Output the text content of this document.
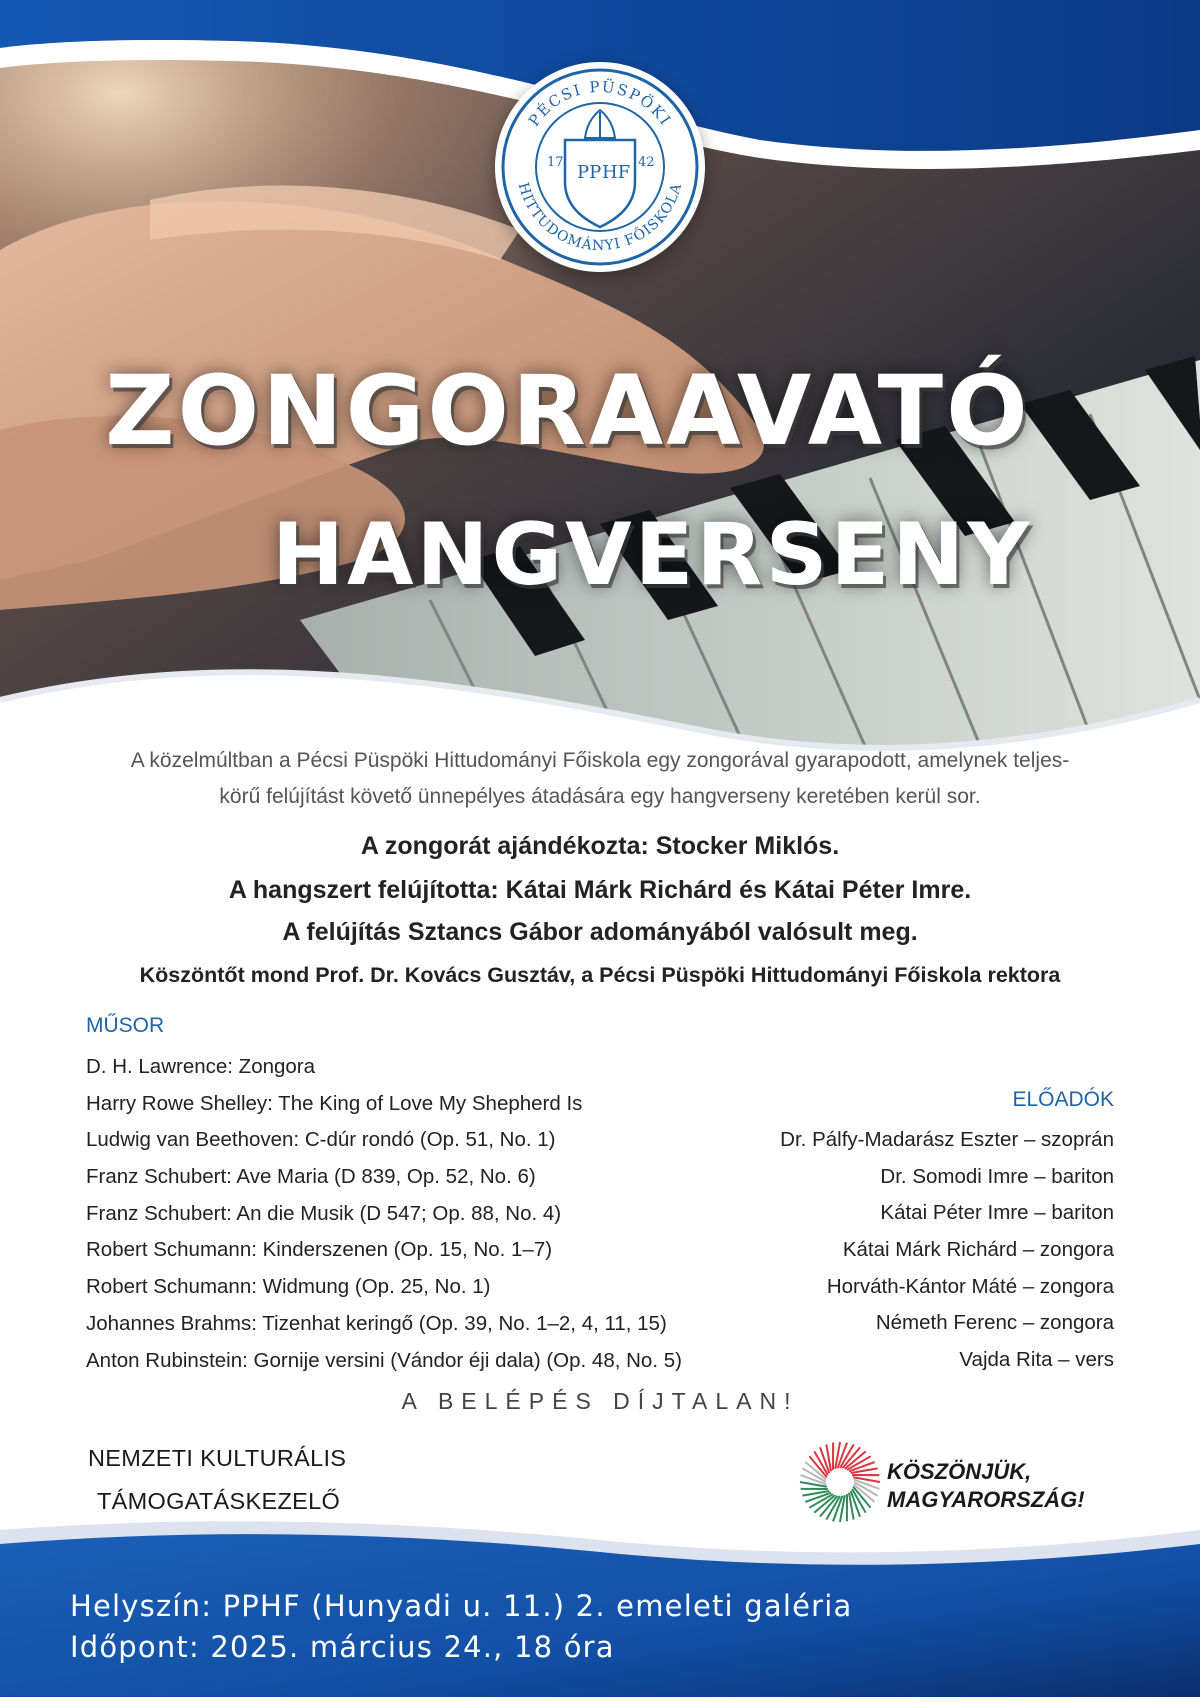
PÉCSI PÜSPÖKI
HITTUDOMÁNYI FŐISKOLA
PP HF
17	42
ZONGORAAVATÓ
HANGVERSENY
A közelmúltban a Pécsi Püspöki Hittudományi Főiskola egy zongorával gyarapodott, amelynek teljes-
körű felújítást követő ünnepélyes átadására egy hangverseny keretében kerül sor.
A zongorát ajándékozta: Stocker Miklós.
A hangszert felújította: Kátai Márk Richárd és Kátai Péter Imre.
A felújítás Sztancs Gábor adományából valósult meg.
Köszöntőt mond Prof. Dr. Kovács Gusztáv, a Pécsi Püspöki Hittudományi Főiskola rektora
MŰSOR
D. H. Lawrence: Zongora
Harry Rowe Shelley: The King of Love My Shepherd Is
Ludwig van Beethoven: C-dúr rondó (Op. 51, No. 1)
Franz Schubert: Ave Maria (D 839, Op. 52, No. 6)
Franz Schubert: An die Musik (D 547; Op. 88, No. 4)
Robert Schumann: Kinderszenen (Op. 15, No. 1–7)
Robert Schumann: Widmung (Op. 25, No. 1)
Johannes Brahms: Tizenhat keringő (Op. 39, No. 1–2, 4, 11, 15)
Anton Rubinstein: Gornije versini (Vándor éji dala) (Op. 48, No. 5)
ELŐADÓK
Dr. Pálfy-Madarász Eszter – szoprán
Dr. Somodi Imre – bariton
Kátai Péter Imre – bariton
Kátai Márk Richárd – zongora
Horváth-Kántor Máté – zongora
Németh Ferenc – zongora
Vajda Rita – vers
A BELÉPÉS DÍJTALAN!
NEMZETI KULTURÁLIS
TÁMOGATÁSKEZELŐ
KÖSZÖNJÜK,
MAGYARORSZÁG!
Helyszín: PPHF (Hunyadi u. 11.) 2. emeleti galéria
Időpont: 2025. március 24., 18 óra
